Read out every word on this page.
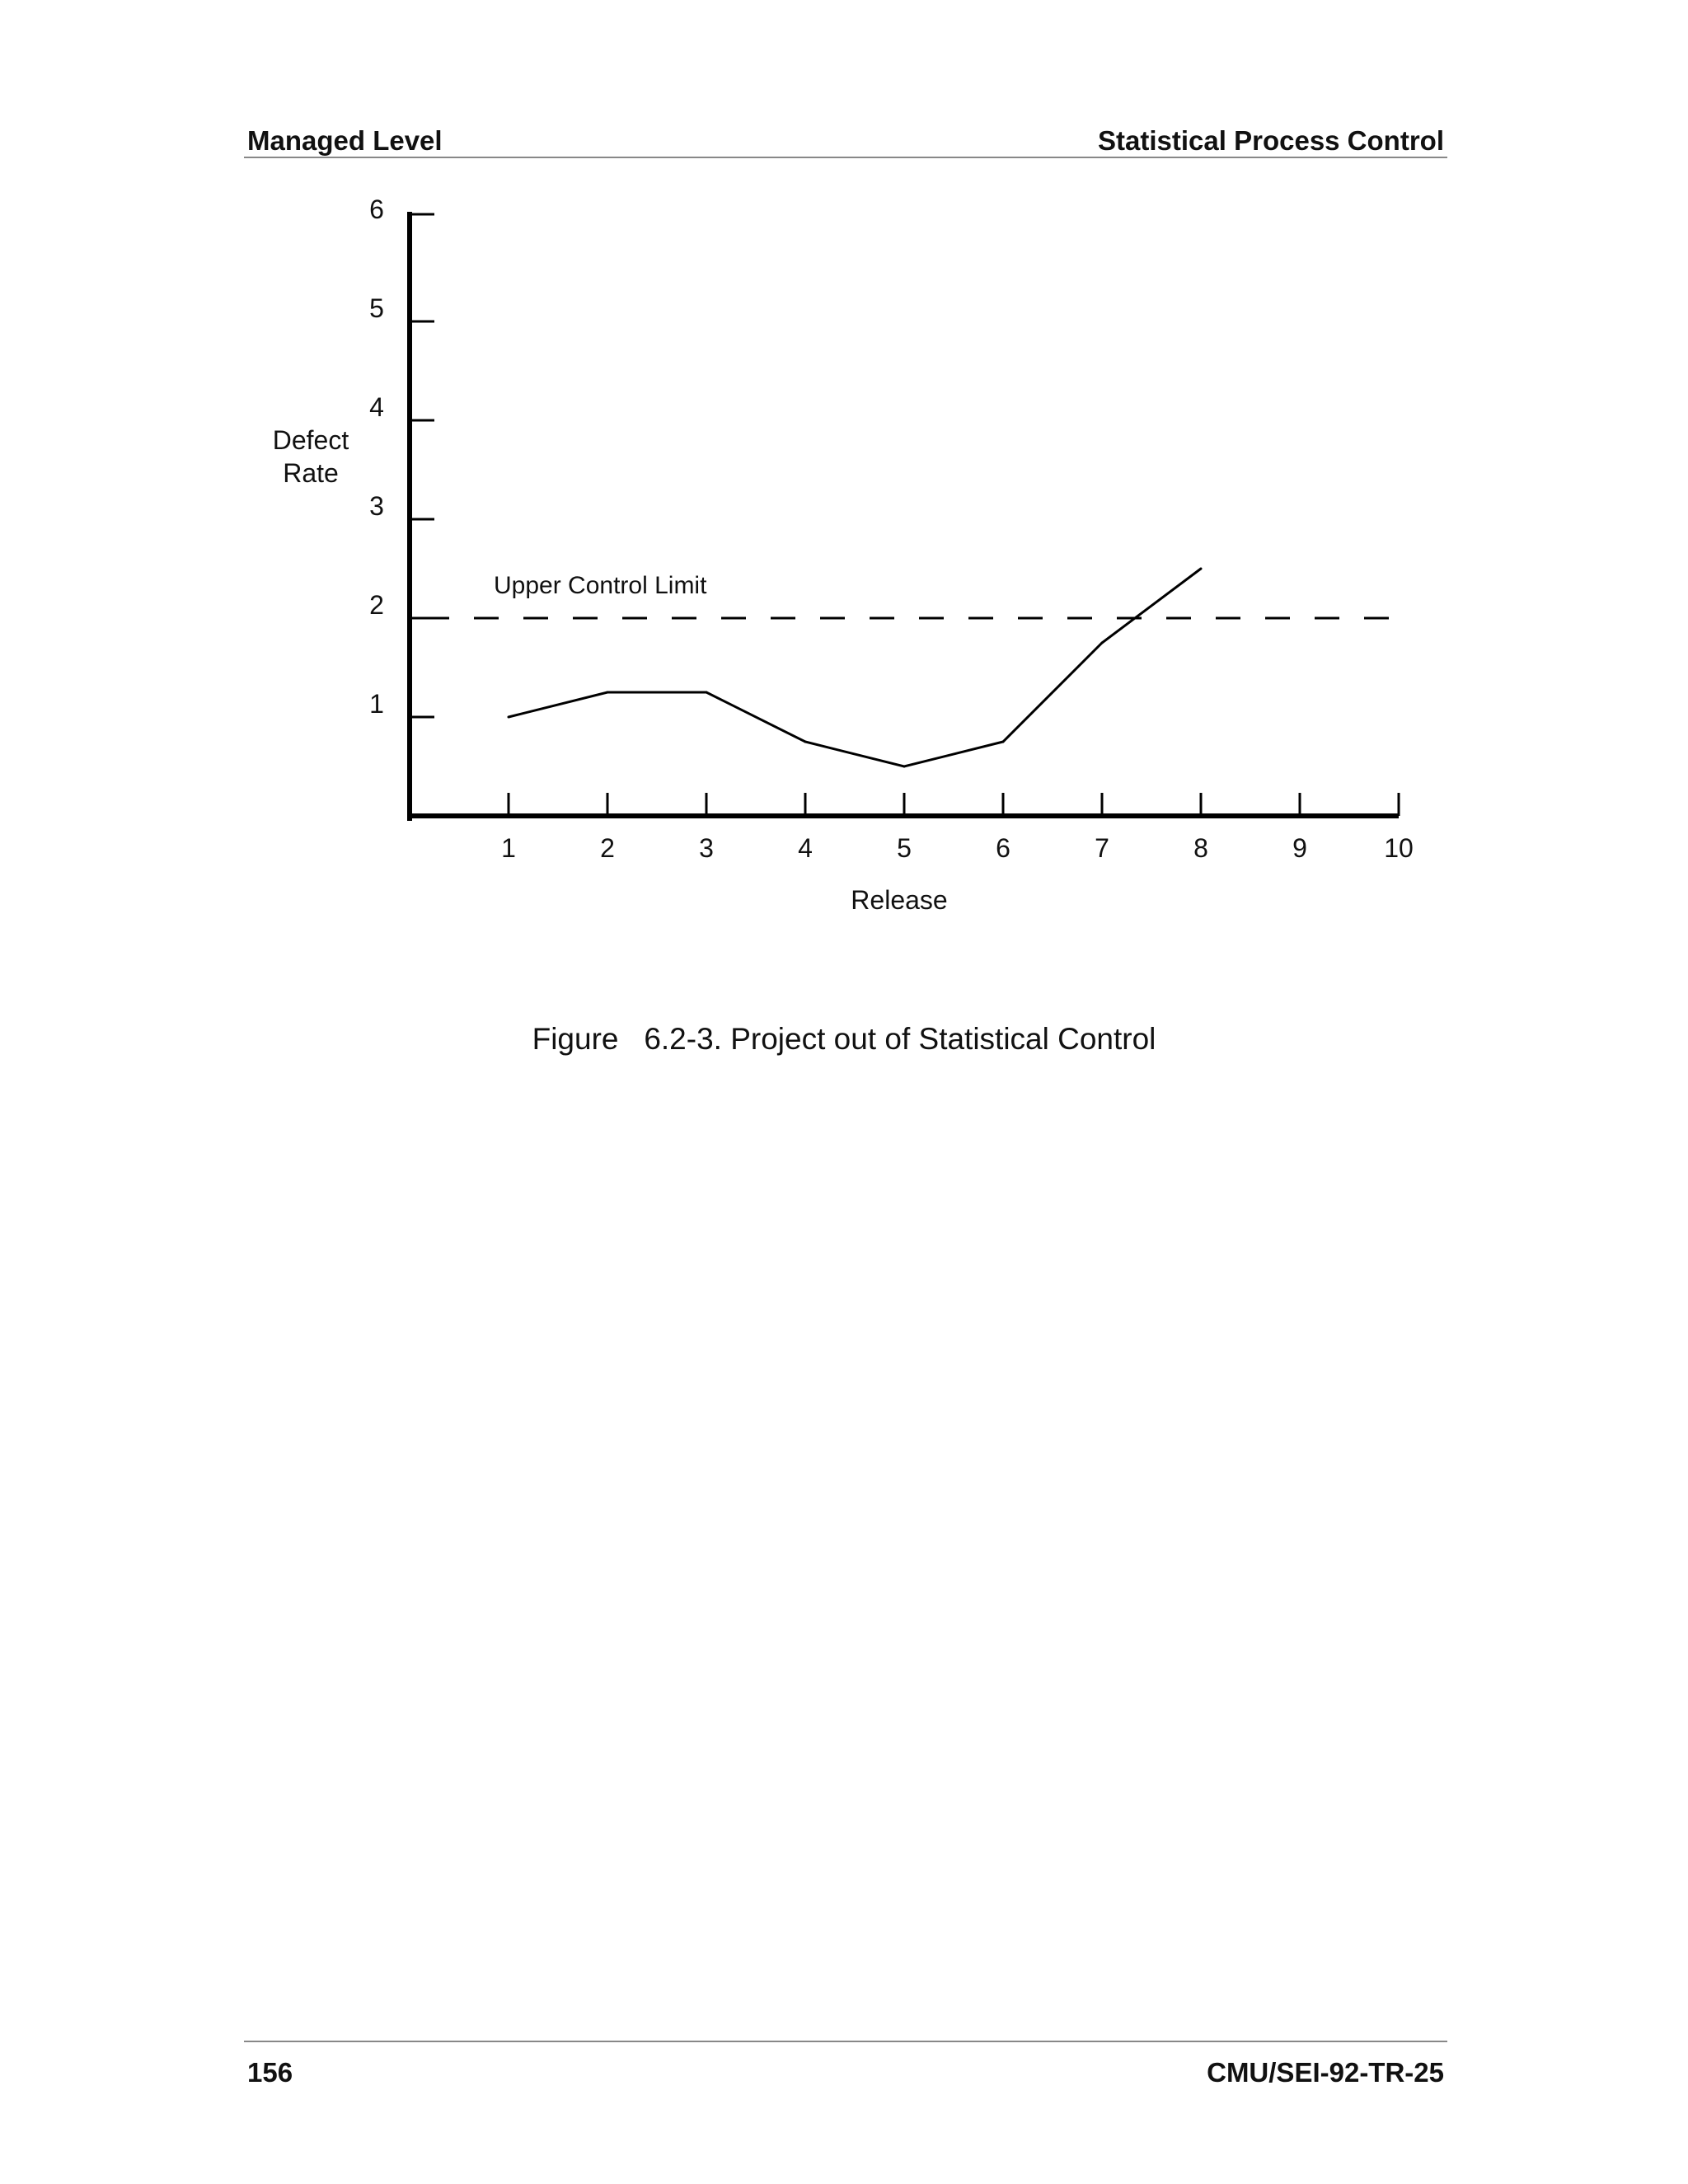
Managed Level	Statistical Process Control
1
2
3
4
5
6
1	2	3	4	5	6	7	8	9	10
Release
Defect
Rate
Upper Control Limit
Figure 6.2-3. Project out of Statistical Control
156	CMU/SEI-92-TR-25
